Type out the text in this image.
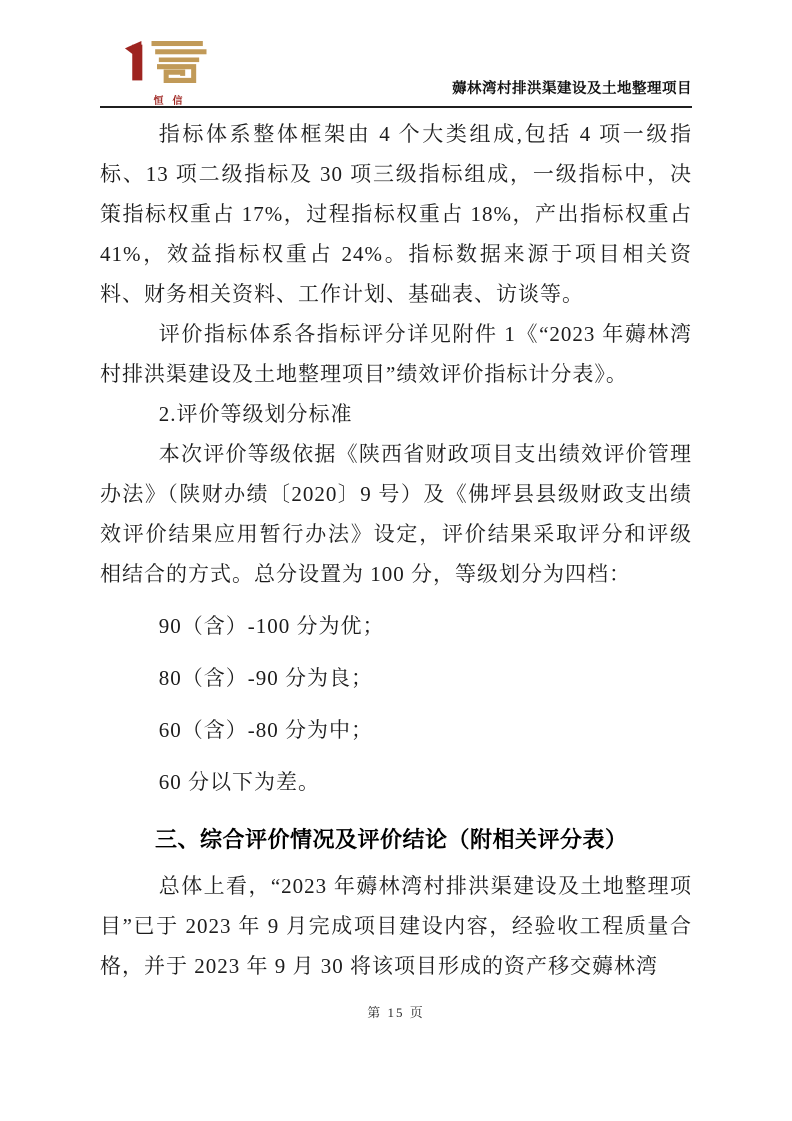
恒信
薅林湾村排洪渠建设及土地整理项目

指标体系整体框架由 4 个大类组成,包括 4 项一级指标、13 项二级指标及 30 项三级指标组成，一级指标中，决策指标权重占 17%，过程指标权重占 18%，产出指标权重占 41%，效益指标权重占 24%。指标数据来源于项目相关资料、财务相关资料、工作计划、基础表、访谈等。

评价指标体系各指标评分详见附件 1《“2023 年薅林湾村排洪渠建设及土地整理项目”绩效评价指标计分表》。

2.评价等级划分标准

本次评价等级依据《陕西省财政项目支出绩效评价管理办法》（陕财办绩〔2020〕9 号）及《佛坪县县级财政支出绩效评价结果应用暂行办法》设定，评价结果采取评分和评级相结合的方式。总分设置为 100 分，等级划分为四档：

90（含）-100 分为优；
80（含）-90 分为良；
60（含）-80 分为中；
60 分以下为差。
三、综合评价情况及评价结论（附相关评分表）

总体上看，“2023 年薅林湾村排洪渠建设及土地整理项目”已于 2023 年 9 月完成项目建设内容，经验收工程质量合格，并于 2023 年 9 月 30 将该项目形成的资产移交薅林湾

第 15 页
